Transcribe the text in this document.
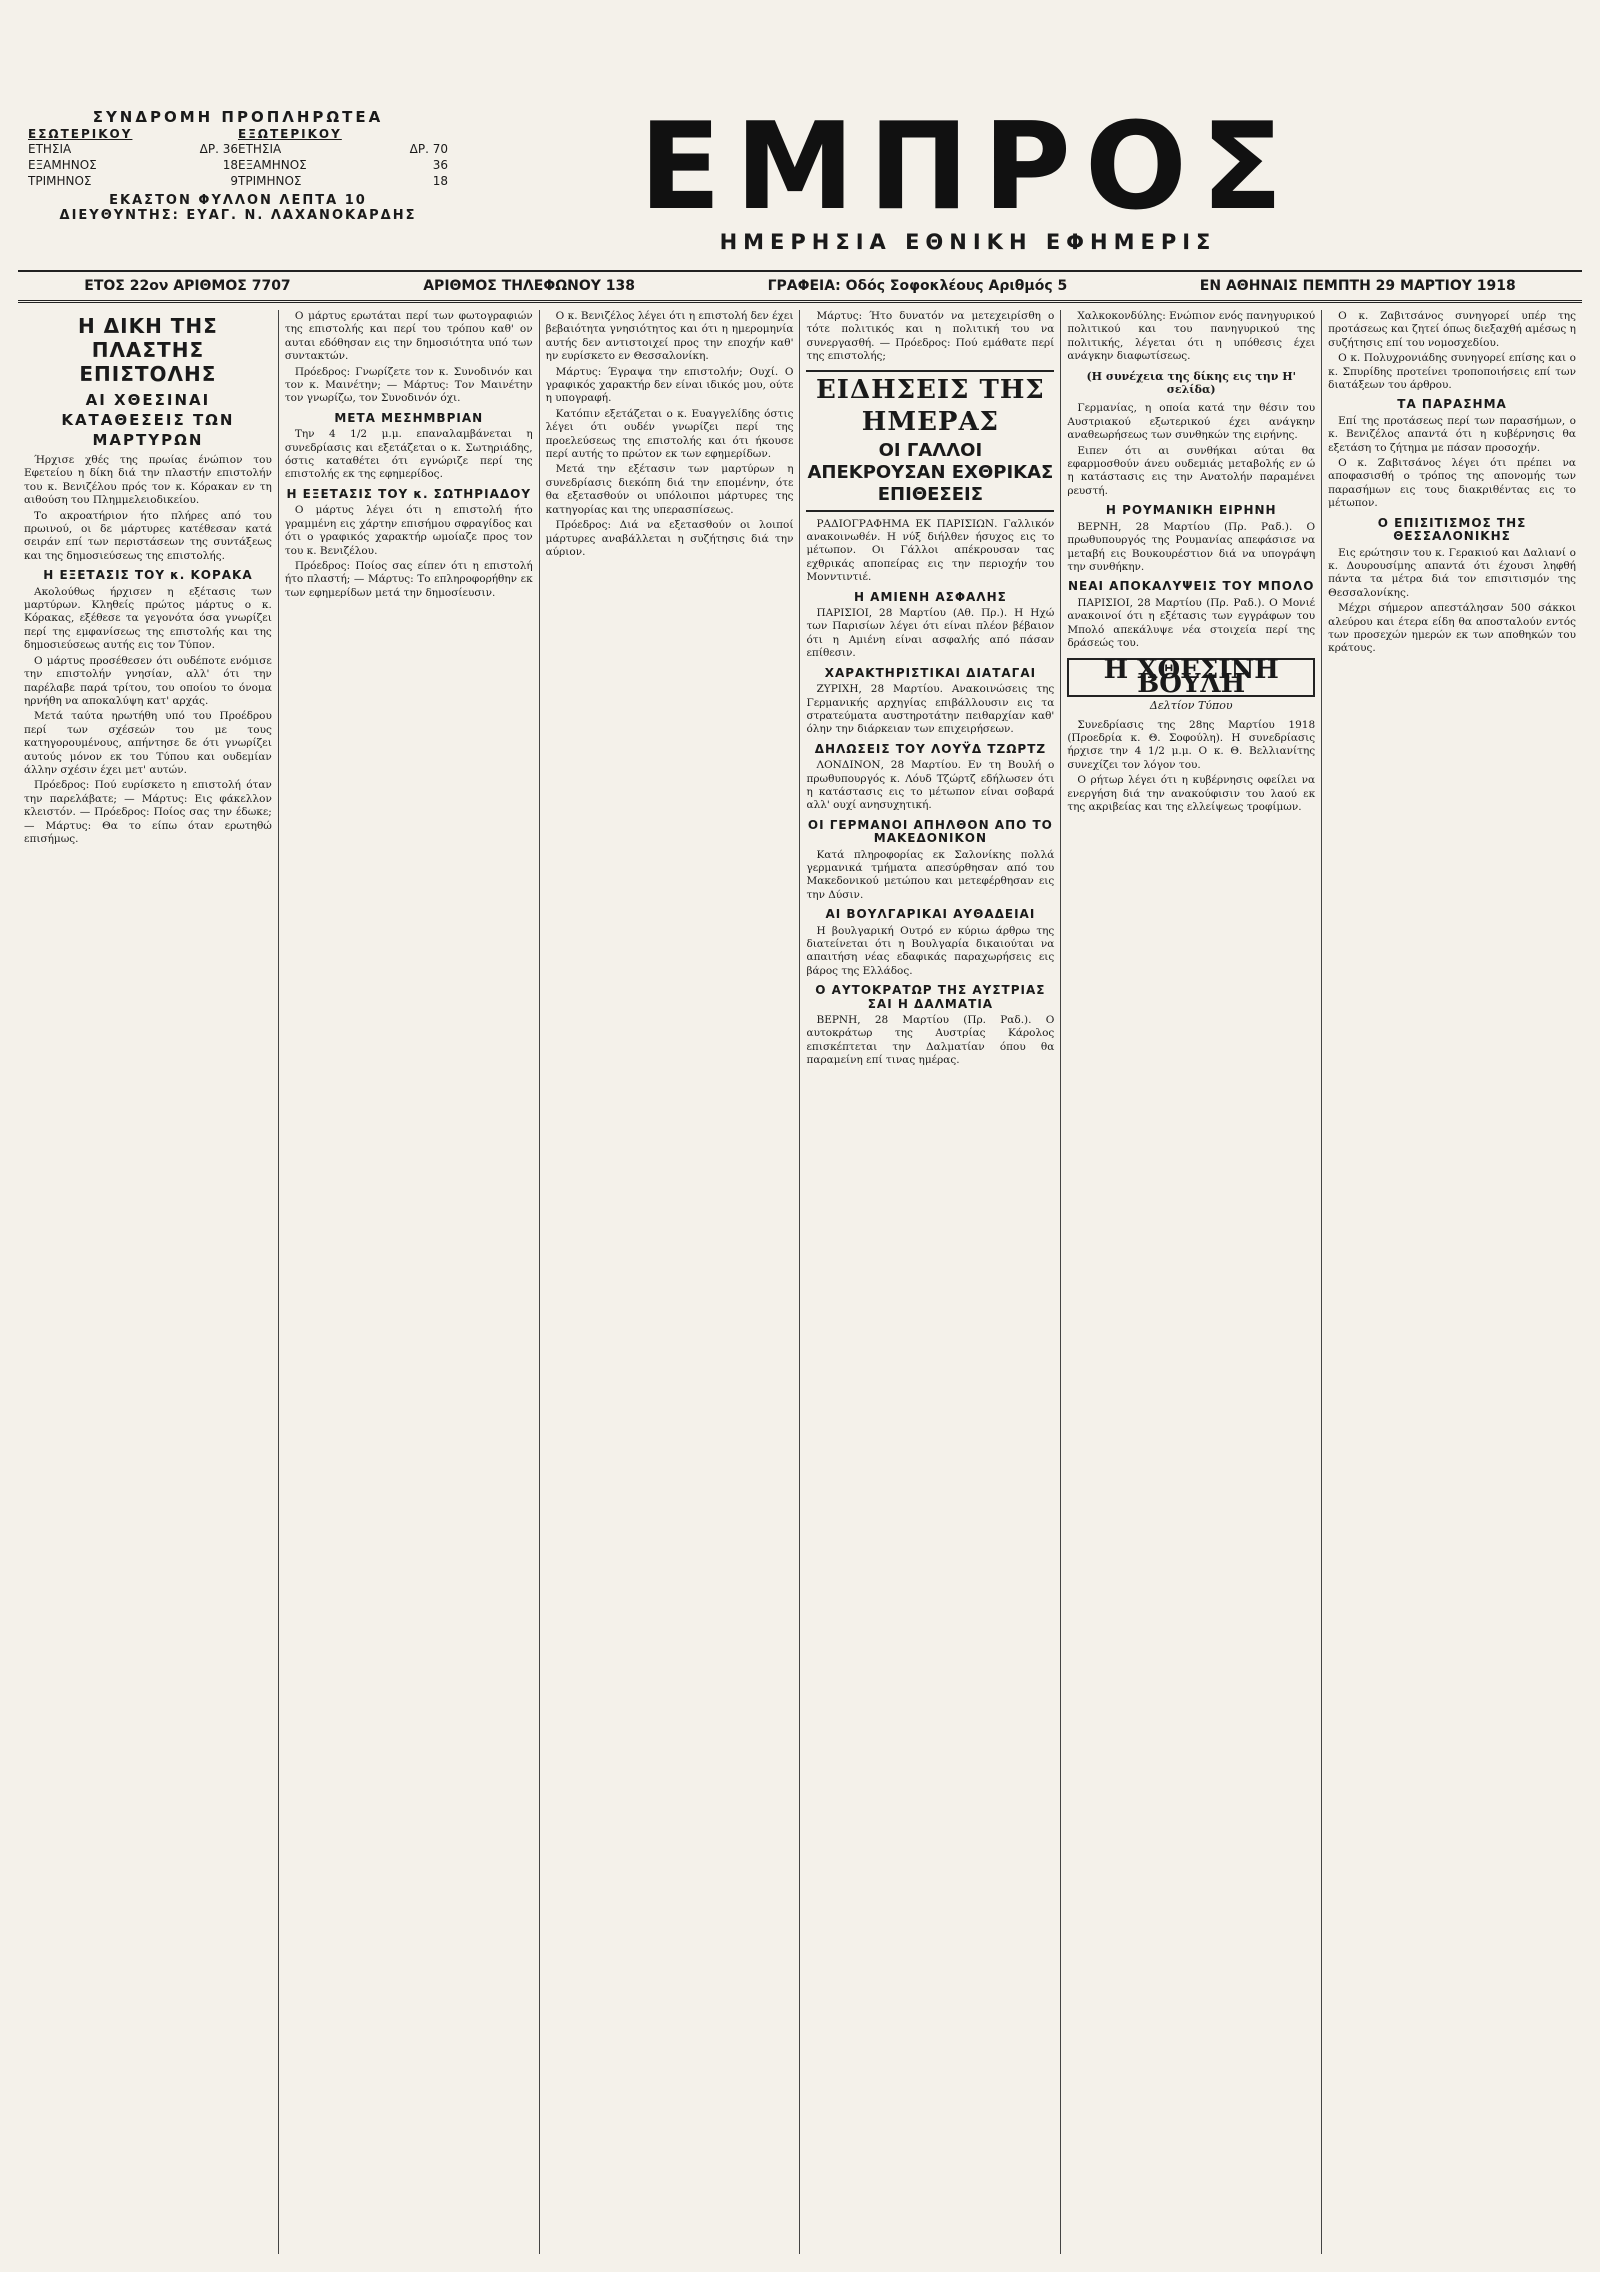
ΣΥΝΔΡΟΜΗ ΠΡΟΠΛΗΡΩΤΕΑ
ΕΣΩΤΕΡΙΚΟΥ
ΕΤΗΣΙΑ	ΔΡ. 36
ΕΞΑΜΗΝΟΣ	18
ΤΡΙΜΗΝΟΣ	9
ΕΞΩΤΕΡΙΚΟΥ
ΕΤΗΣΙΑ	ΔΡ. 70
ΕΞΑΜΗΝΟΣ	36
ΤΡΙΜΗΝΟΣ	18
ΕΚΑΣΤΟΝ ΦΥΛΛΟΝ ΛΕΠΤΑ 10
ΔΙΕΥΘΥΝΤΗΣ: ΕΥΑΓ. Ν. ΛΑΧΑΝΟΚΑΡΔΗΣ ΕΜΠΡΟΣ
ΗΜΕΡΗΣΙΑ ΕΘΝΙΚΗ ΕΦΗΜΕΡΙΣ
ΕΤΟΣ 22ον ΑΡΙΘΜΟΣ 7707	ΑΡΙΘΜΟΣ ΤΗΛΕΦΩΝΟΥ 138	ΓΡΑΦΕΙΑ: Οδός Σοφοκλέους Αριθμός 5	ΕΝ ΑΘΗΝΑΙΣ ΠΕΜΠΤΗ 29 ΜΑΡΤΙΟΥ 1918
Η ΔΙΚΗ ΤΗΣ ΠΛΑΣΤΗΣ ΕΠΙΣΤΟΛΗΣ
ΑΙ ΧΘΕΣΙΝΑΙ ΚΑΤΑΘΕΣΕΙΣ ΤΩΝ ΜΑΡΤΥΡΩΝ

Ήρχισε χθές της πρωίας ένώπιον του Εφετείου η δίκη διά την πλαστήν επιστολήν του κ. Βενιζέλου πρός τον κ. Κόρακαν εν τη αιθούση του Πλημμελειοδικείου.

Το ακροατήριον ήτο πλήρες από του πρωινού, οι δε μάρτυρες κατέθεσαν κατά σειράν επί των περιστάσεων της συντάξεως και της δημοσιεύσεως της επιστολής.

Η ΕΞΕΤΑΣΙΣ ΤΟΥ κ. ΚΟΡΑΚΑ

Ακολούθως ήρχισεν η εξέτασις των μαρτύρων. Κληθείς πρώτος μάρτυς ο κ. Κόρακας, εξέθεσε τα γεγονότα όσα γνωρίζει περί της εμφανίσεως της επιστολής και της δημοσιεύσεως αυτής εις τον Τύπον.

Ο μάρτυς προσέθεσεν ότι ουδέποτε ενόμισε την επιστολήν γνησίαν, αλλ' ότι την παρέλαβε παρά τρίτου, του οποίου το όνομα ηρνήθη να αποκαλύψη κατ' αρχάς.

Μετά ταύτα ηρωτήθη υπό του Προέδρου περί των σχέσεών του με τους κατηγορουμένους, απήντησε δε ότι γνωρίζει αυτούς μόνον εκ του Τύπου και ουδεμίαν άλλην σχέσιν έχει μετ' αυτών.

Πρόεδρος: Πού ευρίσκετο η επιστολή όταν την παρελάβατε; — Μάρτυς: Εις φάκελλον κλειστόν. — Πρόεδρος: Ποίος σας την έδωκε; — Μάρτυς: Θα το είπω όταν ερωτηθώ επισήμως.

Ο μάρτυς ερωτάται περί των φωτογραφιών της επιστολής και περί του τρόπου καθ' ον αυται εδόθησαν εις την δημοσιότητα υπό των συντακτών.

Πρόεδρος: Γνωρίζετε τον κ. Συνοδινόν και τον κ. Μαινέτην; — Μάρτυς: Τον Μαινέτην τον γνωρίζω, τον Συνοδινόν όχι.

ΜΕΤΑ ΜΕΣΗΜΒΡΙΑΝ

Την 4 1/2 μ.μ. επαναλαμβάνεται η συνεδρίασις και εξετάζεται ο κ. Σωτηριάδης, όστις καταθέτει ότι εγνώριζε περί της επιστολής εκ της εφημερίδος.

Η ΕΞΕΤΑΣΙΣ ΤΟΥ κ. ΣΩΤΗΡΙΑΔΟΥ

Ο μάρτυς λέγει ότι η επιστολή ήτο γραμμένη εις χάρτην επισήμου σφραγίδος και ότι ο γραφικός χαρακτήρ ωμοίαζε προς τον του κ. Βενιζέλου.

Πρόεδρος: Ποίος σας είπεν ότι η επιστολή ήτο πλαστή; — Μάρτυς: Το επληροφορήθην εκ των εφημερίδων μετά την δημοσίευσιν.

Ο κ. Βενιζέλος λέγει ότι η επιστολή δεν έχει βεβαιότητα γνησιότητος και ότι η ημερομηνία αυτής δεν αντιστοιχεί προς την εποχήν καθ' ην ευρίσκετο εν Θεσσαλονίκη.

Μάρτυς: Έγραψα την επιστολήν; Ουχί. Ο γραφικός χαρακτήρ δεν είναι ιδικός μου, ούτε η υπογραφή.

Κατόπιν εξετάζεται ο κ. Ευαγγελίδης όστις λέγει ότι ουδέν γνωρίζει περί της προελεύσεως της επιστολής και ότι ήκουσε περί αυτής το πρώτον εκ των εφημερίδων.

Μετά την εξέτασιν των μαρτύρων η συνεδρίασις διεκόπη διά την επομένην, ότε θα εξετασθούν οι υπόλοιποι μάρτυρες της κατηγορίας και της υπερασπίσεως.

Πρόεδρος: Διά να εξετασθούν οι λοιποί μάρτυρες αναβάλλεται η συζήτησις διά την αύριον.

Μάρτυς: Ήτο δυνατόν να μετεχειρίσθη ο τότε πολιτικός και η πολιτική του να συνεργασθή. — Πρόεδρος: Πού εμάθατε περί της επιστολής;

ΕΙΔΗΣΕΙΣ ΤΗΣ ΗΜΕΡΑΣ
ΟΙ ΓΑΛΛΟΙ ΑΠΕΚΡΟΥΣΑΝ ΕΧΘΡΙΚΑΣ ΕΠΙΘΕΣΕΙΣ

ΡΑΔΙΟΓΡΑΦΗΜΑ ΕΚ ΠΑΡΙΣΙΩΝ. Γαλλικόν ανακοινωθέν. Η νύξ διήλθεν ήσυχος εις το μέτωπον. Οι Γάλλοι απέκρουσαν τας εχθρικάς αποπείρας εις την περιοχήν του Μονντιντιέ.

Η ΑΜΙΕΝΗ ΑΣΦΑΛΗΣ

ΠΑΡΙΣΙΟΙ, 28 Μαρτίου (Αθ. Πρ.). Η Ηχώ των Παρισίων λέγει ότι είναι πλέον βέβαιον ότι η Αμιένη είναι ασφαλής από πάσαν επίθεσιν.

ΧΑΡΑΚΤΗΡΙΣΤΙΚΑΙ ΔΙΑΤΑΓΑΙ

ΖΥΡΙΧΗ, 28 Μαρτίου. Ανακοινώσεις της Γερμανικής αρχηγίας επιβάλλουσιν εις τα στρατεύματα αυστηροτάτην πειθαρχίαν καθ' όλην την διάρκειαν των επιχειρήσεων.

ΔΗΛΩΣΕΙΣ ΤΟΥ ΛΟΥΫΔ ΤΖΩΡΤΖ

ΛΟΝΔΙΝΟΝ, 28 Μαρτίου. Εν τη Βουλή ο πρωθυπουργός κ. Λόυδ Τζώρτζ εδήλωσεν ότι η κατάστασις εις το μέτωπον είναι σοβαρά αλλ' ουχί ανησυχητική.

ΟΙ ΓΕΡΜΑΝΟΙ ΑΠΗΛΘΟΝ ΑΠΟ ΤΟ ΜΑΚΕΔΟΝΙΚΟΝ

Κατά πληροφορίας εκ Σαλονίκης πολλά γερμανικά τμήματα απεσύρθησαν από του Μακεδονικού μετώπου και μετεφέρθησαν εις την Δύσιν.

ΑΙ ΒΟΥΛΓΑΡΙΚΑΙ ΑΥΘΑΔΕΙΑΙ

Η βουλγαρική Ουτρό εν κύριω άρθρω της διατείνεται ότι η Βουλγαρία δικαιούται να απαιτήση νέας εδαφικάς παραχωρήσεις εις βάρος της Ελλάδος.

Ο ΑΥΤΟΚΡΑΤΩΡ ΤΗΣ ΑΥΣΤΡΙΑΣ ΣΑΙ Η ΔΑΛΜΑΤΙΑ

ΒΕΡΝΗ, 28 Μαρτίου (Πρ. Ραδ.). Ο αυτοκράτωρ της Αυστρίας Κάρολος επισκέπτεται την Δαλματίαν όπου θα παραμείνη επί τινας ημέρας.

Χαλκοκονδύλης: Ενώπιον ενός πανηγυρικού πολιτικού και του πανηγυρικού της πολιτικής, λέγεται ότι η υπόθεσις έχει ανάγκην διαφωτίσεως.

(Η συνέχεια της δίκης εις την Η' σελίδα)

Γερμανίας, η οποία κατά την θέσιν του Αυστριακού εξωτερικού έχει ανάγκην αναθεωρήσεως των συνθηκών της ειρήνης.

Ειπεν ότι αι συνθήκαι αύται θα εφαρμοσθούν άνευ ουδεμιάς μεταβολής εν ώ η κατάστασις εις την Ανατολήν παραμένει ρευστή.

Η ΡΟΥΜΑΝΙΚΗ ΕΙΡΗΝΗ

ΒΕΡΝΗ, 28 Μαρτίου (Πρ. Ραδ.). Ο πρωθυπουργός της Ρουμανίας απεφάσισε να μεταβή εις Βουκουρέστιον διά να υπογράψη την συνθήκην.

ΝΕΑΙ ΑΠΟΚΑΛΥΨΕΙΣ ΤΟΥ ΜΠΟΛΟ

ΠΑΡΙΣΙΟΙ, 28 Μαρτίου (Πρ. Ραδ.). Ο Μονιέ ανακοινοί ότι η εξέτασις των εγγράφων του Μπολό απεκάλυψε νέα στοιχεία περί της δράσεώς του.

Η ΧΘΕΣΙΝΗ ΒΟΥΛΗ
Δελτίον Τύπου

Συνεδρίασις της 28ης Μαρτίου 1918 (Προεδρία κ. Θ. Σοφούλη). Η συνεδρίασις ήρχισε την 4 1/2 μ.μ. Ο κ. Θ. Βελλιανίτης συνεχίζει τον λόγον του.

Ο ρήτωρ λέγει ότι η κυβέρνησις οφείλει να ενεργήση διά την ανακούφισιν του λαού εκ της ακριβείας και της ελλείψεως τροφίμων.

Ο κ. Ζαβιτσάνος συνηγορεί υπέρ της προτάσεως και ζητεί όπως διεξαχθή αμέσως η συζήτησις επί του νομοσχεδίου.

Ο κ. Πολυχρονιάδης συνηγορεί επίσης και ο κ. Σπυρίδης προτείνει τροποποιήσεις επί των διατάξεων του άρθρου.

ΤΑ ΠΑΡΑΣΗΜΑ

Επί της προτάσεως περί των παρασήμων, ο κ. Βενιζέλος απαντά ότι η κυβέρνησις θα εξετάση το ζήτημα με πάσαν προσοχήν.

Ο κ. Ζαβιτσάνος λέγει ότι πρέπει να αποφασισθή ο τρόπος της απονομής των παρασήμων εις τους διακριθέντας εις το μέτωπον.

Ο ΕΠΙΣΙΤΙΣΜΟΣ ΤΗΣ ΘΕΣΣΑΛΟΝΙΚΗΣ

Εις ερώτησιν του κ. Γερακιού και Δαλιανί ο κ. Δουρουσίμης απαντά ότι έχουσι ληφθή πάντα τα μέτρα διά τον επισιτισμόν της Θεσσαλονίκης.

Μέχρι σήμερον απεστάλησαν 500 σάκκοι αλεύρου και έτερα είδη θα αποσταλούν εντός των προσεχών ημερών εκ των αποθηκών του κράτους.
